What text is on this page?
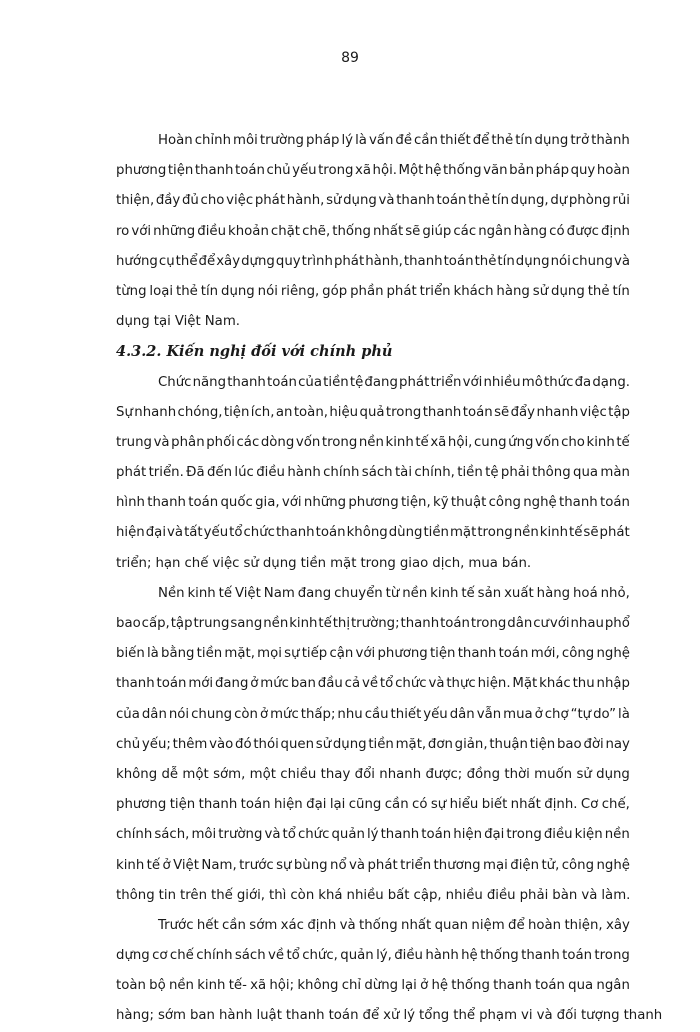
89
Hoàn chỉnh môi trường pháp lý là vấn đề cần thiết để thẻ tín dụng trở thành
phương tiện thanh toán chủ yếu trong xã hội. Một hệ thống văn bản pháp quy hoàn
thiện, đầy đủ cho việc phát hành, sử dụng và thanh toán thẻ tín dụng, dự phòng rủi
ro với những điều khoản chặt chẽ, thống nhất sẽ giúp các ngân hàng có được định
hướng cụ thể để xây dựng quy trình phát hành, thanh toán thẻ tín dụng nói chung và
từng loại thẻ tín dụng nói riêng, góp phần phát triển khách hàng sử dụng thẻ tín
dụng tại Việt Nam.
4.3.2. Kiến nghị đối với chính phủ
Chức năng thanh toán của tiền tệ đang phát triển với nhiều mô thức đa dạng.
Sự nhanh chóng, tiện ích, an toàn, hiệu quả trong thanh toán sẽ đẩy nhanh việc tập
trung và phân phối các dòng vốn trong nền kinh tế xã hội, cung ứng vốn cho kinh tế
phát triển. Đã đến lúc điều hành chính sách tài chính, tiền tệ phải thông qua màn
hình thanh toán quốc gia, với những phương tiện, kỹ thuật công nghệ thanh toán
hiện đại và tất yếu tổ chức thanh toán không dùng tiền mặt trong nền kinh tế sẽ phát
triển; hạn chế việc sử dụng tiền mặt trong giao dịch, mua bán.
Nền kinh tế Việt Nam đang chuyển từ nền kinh tế sản xuất hàng hoá nhỏ,
bao cấp, tập trung sang nền kinh tế thị trường; thanh toán trong dân cư với nhau phổ
biến là bằng tiền mặt, mọi sự tiếp cận với phương tiện thanh toán mới, công nghệ
thanh toán mới đang ở mức ban đầu cả về tổ chức và thực hiện. Mặt khác thu nhập
của dân nói chung còn ở mức thấp; nhu cầu thiết yếu dân vẫn mua ở chợ “tự do” là
chủ yếu; thêm vào đó thói quen sử dụng tiền mặt, đơn giản, thuận tiện bao đời nay
không dễ một sớm, một chiều thay đổi nhanh được; đồng thời muốn sử dụng
phương tiện thanh toán hiện đại lại cũng cần có sự hiểu biết nhất định. Cơ chế,
chính sách, môi trường và tổ chức quản lý thanh toán hiện đại trong điều kiện nền
kinh tế ở Việt Nam, trước sự bùng nổ và phát triển thương mại điện tử, công nghệ
thông tin trên thế giới, thì còn khá nhiều bất cập, nhiều điều phải bàn và làm.
Trước hết cần sớm xác định và thống nhất quan niệm để hoàn thiện, xây
dựng cơ chế chính sách về tổ chức, quản lý, điều hành hệ thống thanh toán trong
toàn bộ nền kinh tế- xã hội; không chỉ dừng lại ở hệ thống thanh toán qua ngân
hàng; sớm ban hành luật thanh toán để xử lý tổng thể phạm vi và đối tượng thanh
